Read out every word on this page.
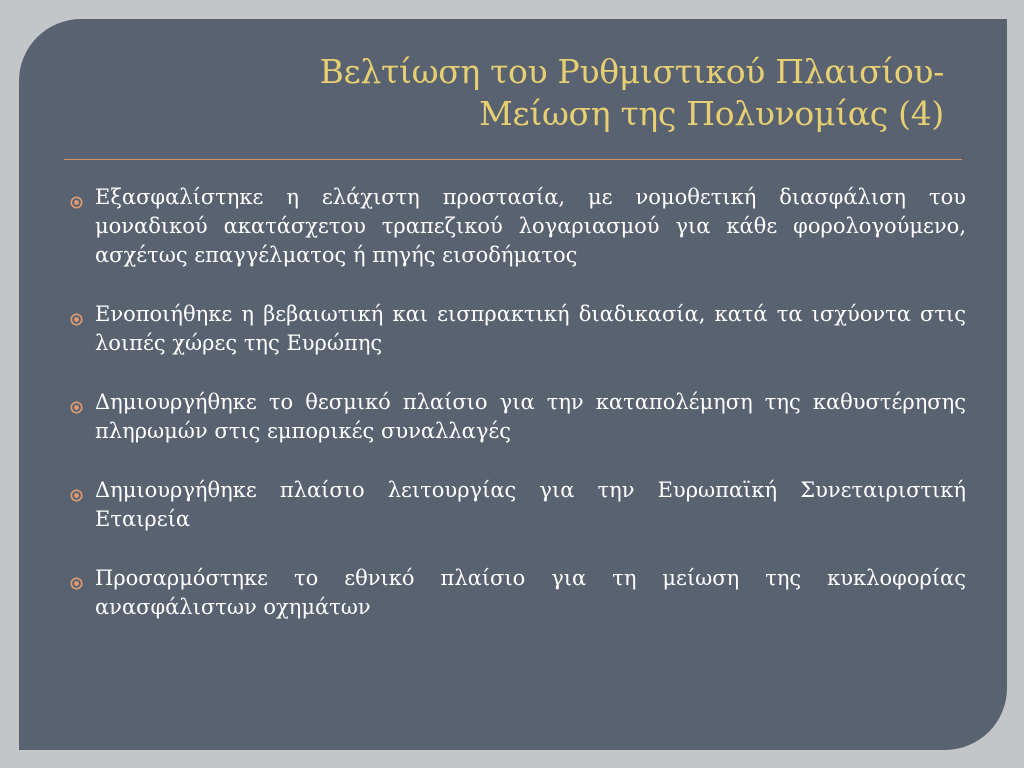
Βελτίωση του Ρυθμιστικού Πλαισίου-
Μείωση της Πολυνομίας (4)
Εξασφαλίστηκε η ελάχιστη προστασία, με νομοθετική διασφάλιση του μοναδικού ακατάσχετου τραπεζικού λογαριασμού για κάθε φορολογούμενο, ασχέτως επαγγέλματος ή πηγής εισοδήματος
Ενοποιήθηκε η βεβαιωτική και εισπρακτική διαδικασία, κατά τα ισχύοντα στις λοιπές χώρες της Ευρώπης
Δημιουργήθηκε το θεσμικό πλαίσιο για την καταπολέμηση της καθυστέρησης πληρωμών στις εμπορικές συναλλαγές
Δημιουργήθηκε πλαίσιο λειτουργίας για την Ευρωπαϊκή Συνεταιριστική Εταιρεία
Προσαρμόστηκε το εθνικό πλαίσιο για τη μείωση της κυκλοφορίας ανασφάλιστων οχημάτων
